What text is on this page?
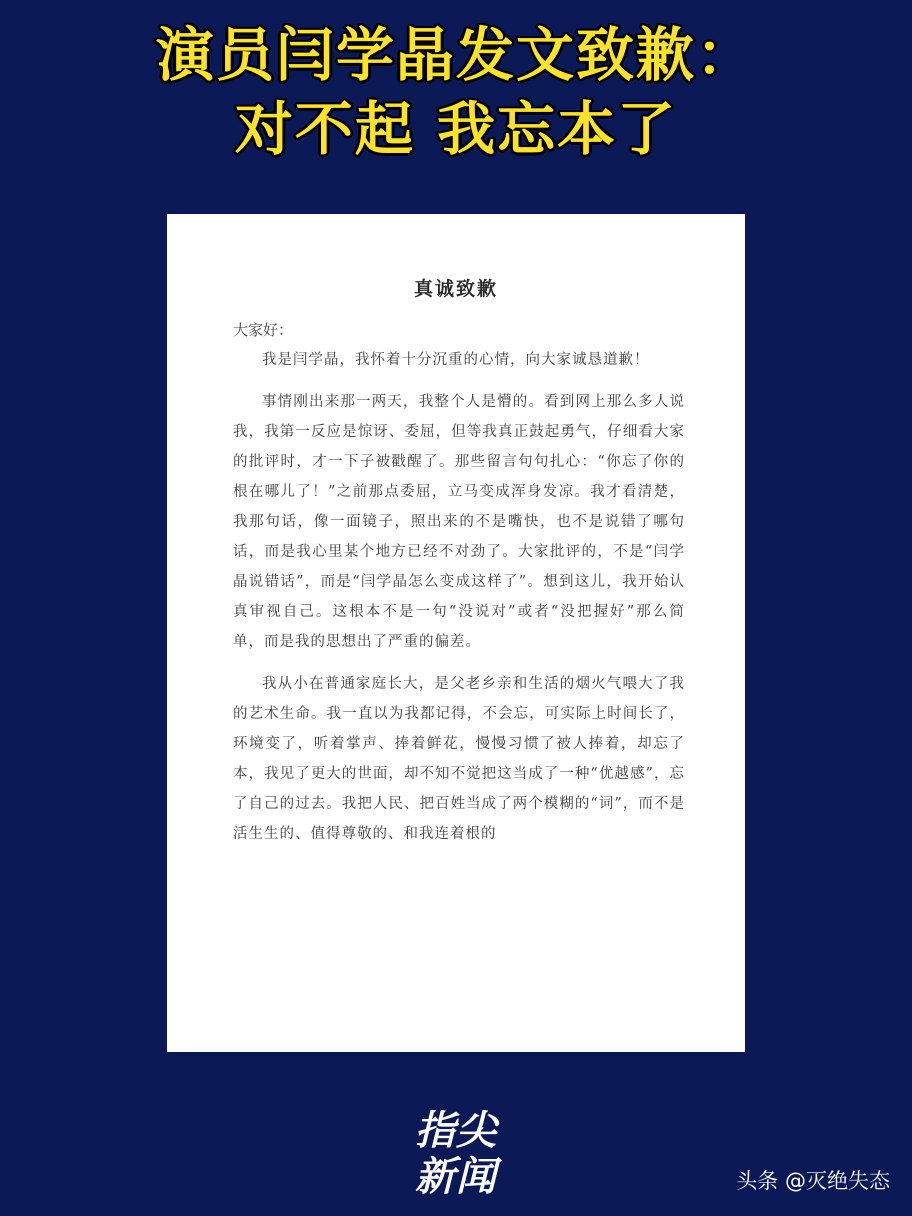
演员闫学晶发文致歉：
对不起 我忘本了
真诚致歉
大家好：

我是闫学晶，我怀着十分沉重的心情，向大家诚恳道歉！

事情刚出来那一两天，我整个人是懵的。看到网上那么多人说我，我第一反应是惊讶、委屈，但等我真正鼓起勇气，仔细看大家的批评时，才一下子被戳醒了。那些留言句句扎心：“你忘了你的根在哪儿了！”之前那点委屈，立马变成浑身发凉。我才看清楚，我那句话，像一面镜子，照出来的不是嘴快，也不是说错了哪句话，而是我心里某个地方已经不对劲了。大家批评的，不是“闫学晶说错话”，而是“闫学晶怎么变成这样了”。想到这儿，我开始认真审视自己。这根本不是一句“没说对”或者“没把握好”那么简单，而是我的思想出了严重的偏差。

我从小在普通家庭长大，是父老乡亲和生活的烟火气喂大了我的艺术生命。我一直以为我都记得，不会忘，可实际上时间长了，环境变了，听着掌声、捧着鲜花，慢慢习惯了被人捧着，却忘了本，我见了更大的世面，却不知不觉把这当成了一种“优越感”，忘了自己的过去。我把人民、把百姓当成了两个模糊的“词”，而不是活生生的、值得尊敬的、和我连着根的

指尖
新闻	头条 @灭绝失态
